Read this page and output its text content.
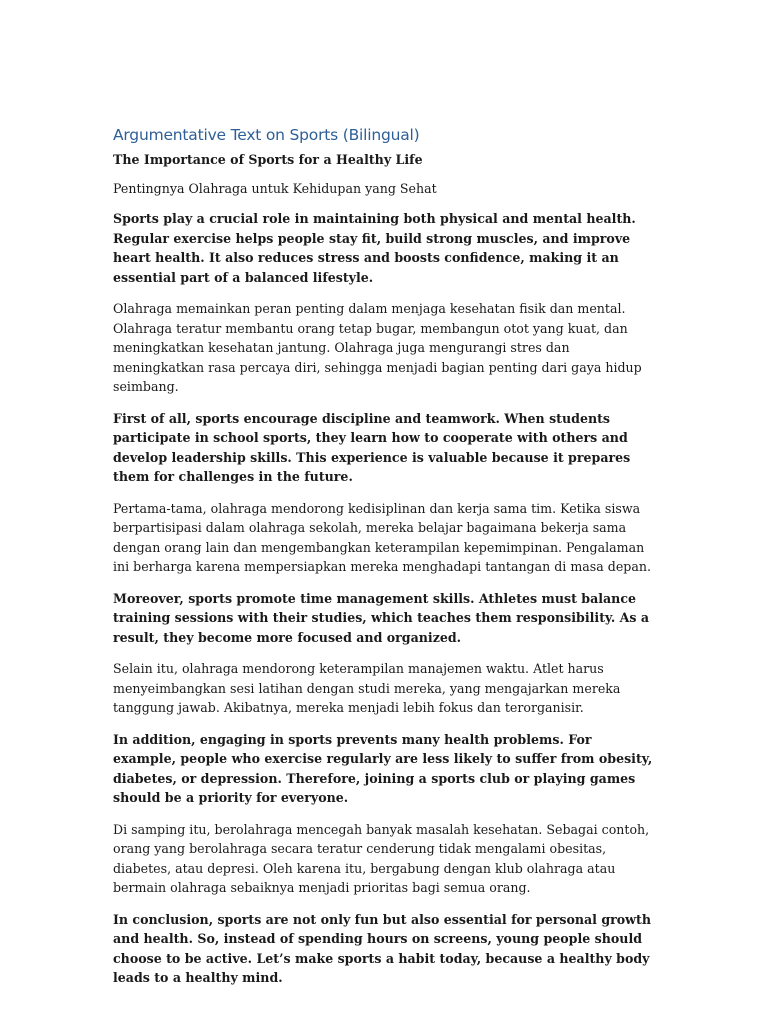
Argumentative Text on Sports (Bilingual)

The Importance of Sports for a Healthy Life

Pentingnya Olahraga untuk Kehidupan yang Sehat

Sports play a crucial role in maintaining both physical and mental health. Regular exercise helps people stay fit, build strong muscles, and improve heart health. It also reduces stress and boosts confidence, making it an essential part of a balanced lifestyle.

Olahraga memainkan peran penting dalam menjaga kesehatan fisik dan mental. Olahraga teratur membantu orang tetap bugar, membangun otot yang kuat, dan meningkatkan kesehatan jantung. Olahraga juga mengurangi stres dan meningkatkan rasa percaya diri, sehingga menjadi bagian penting dari gaya hidup seimbang.

First of all, sports encourage discipline and teamwork. When students participate in school sports, they learn how to cooperate with others and develop leadership skills. This experience is valuable because it prepares them for challenges in the future.

Pertama-tama, olahraga mendorong kedisiplinan dan kerja sama tim. Ketika siswa berpartisipasi dalam olahraga sekolah, mereka belajar bagaimana bekerja sama dengan orang lain dan mengembangkan keterampilan kepemimpinan. Pengalaman ini berharga karena mempersiapkan mereka menghadapi tantangan di masa depan.

Moreover, sports promote time management skills. Athletes must balance training sessions with their studies, which teaches them responsibility. As a result, they become more focused and organized.

Selain itu, olahraga mendorong keterampilan manajemen waktu. Atlet harus menyeimbangkan sesi latihan dengan studi mereka, yang mengajarkan mereka tanggung jawab. Akibatnya, mereka menjadi lebih fokus dan terorganisir.

In addition, engaging in sports prevents many health problems. For example, people who exercise regularly are less likely to suffer from obesity, diabetes, or depression. Therefore, joining a sports club or playing games should be a priority for everyone.

Di samping itu, berolahraga mencegah banyak masalah kesehatan. Sebagai contoh, orang yang berolahraga secara teratur cenderung tidak mengalami obesitas, diabetes, atau depresi. Oleh karena itu, bergabung dengan klub olahraga atau bermain olahraga sebaiknya menjadi prioritas bagi semua orang.

In conclusion, sports are not only fun but also essential for personal growth and health. So, instead of spending hours on screens, young people should choose to be active. Let’s make sports a habit today, because a healthy body leads to a healthy mind.
